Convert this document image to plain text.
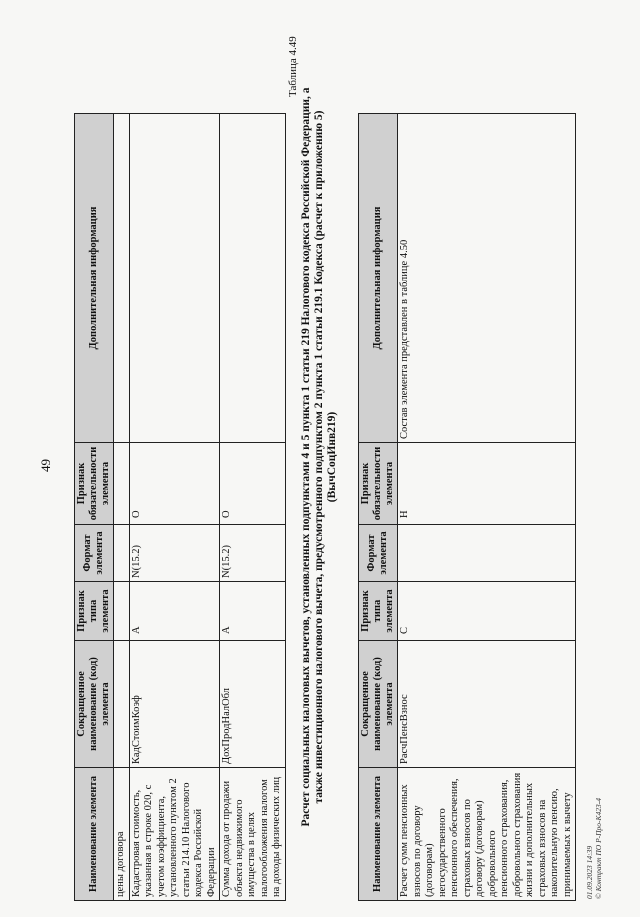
49
Наименование элемента	Сокращенное наименование (код) элемента	Признак типа элемента	Формат элемента	Признак обязательности элемента	Дополнительная информация
цены договора					
Кадастровая стоимость, указанная в строке 020, с учетом коэффициента, установленного пунктом 2 статьи 214.10 Налогового кодекса Российской Федерации	КадСтоимКоэф	А	N(15.2)	О	
Сумма дохода от продажи объекта недвижимого имущества в целях налогообложения налогом на доходы физических лиц	ДохПродНалОбл	А	N(15.2)	О	
Таблица 4.49
Расчет социальных налоговых вычетов, установленных подпунктами 4 и 5 пункта 1 статьи 219 Налогового кодекса Российской Федерации, а также инвестиционного налогового вычета, предусмотренного подпунктом 2 пункта 1 статьи 219.1 Кодекса (расчет к приложению 5) (ВычСоцИнв219)
Наименование элемента	Сокращенное наименование (код) элемента	Признак типа элемента	Формат элемента	Признак обязательности элемента	Дополнительная информация
Расчет сумм пенсионных взносов по договору (договорам) негосударственного пенсионного обеспечения, страховых взносов по договору (договорам) добровольного пенсионного страхования, добровольного страхования жизни и дополнительных страховых взносов на накопительную пенсию, принимаемых к вычету	РасчПенсВзнос	С		Н	Состав элемента представлен в таблице 4.50
01.09.2023 14:39 © Контракт ПО Р-Про-К423-4
